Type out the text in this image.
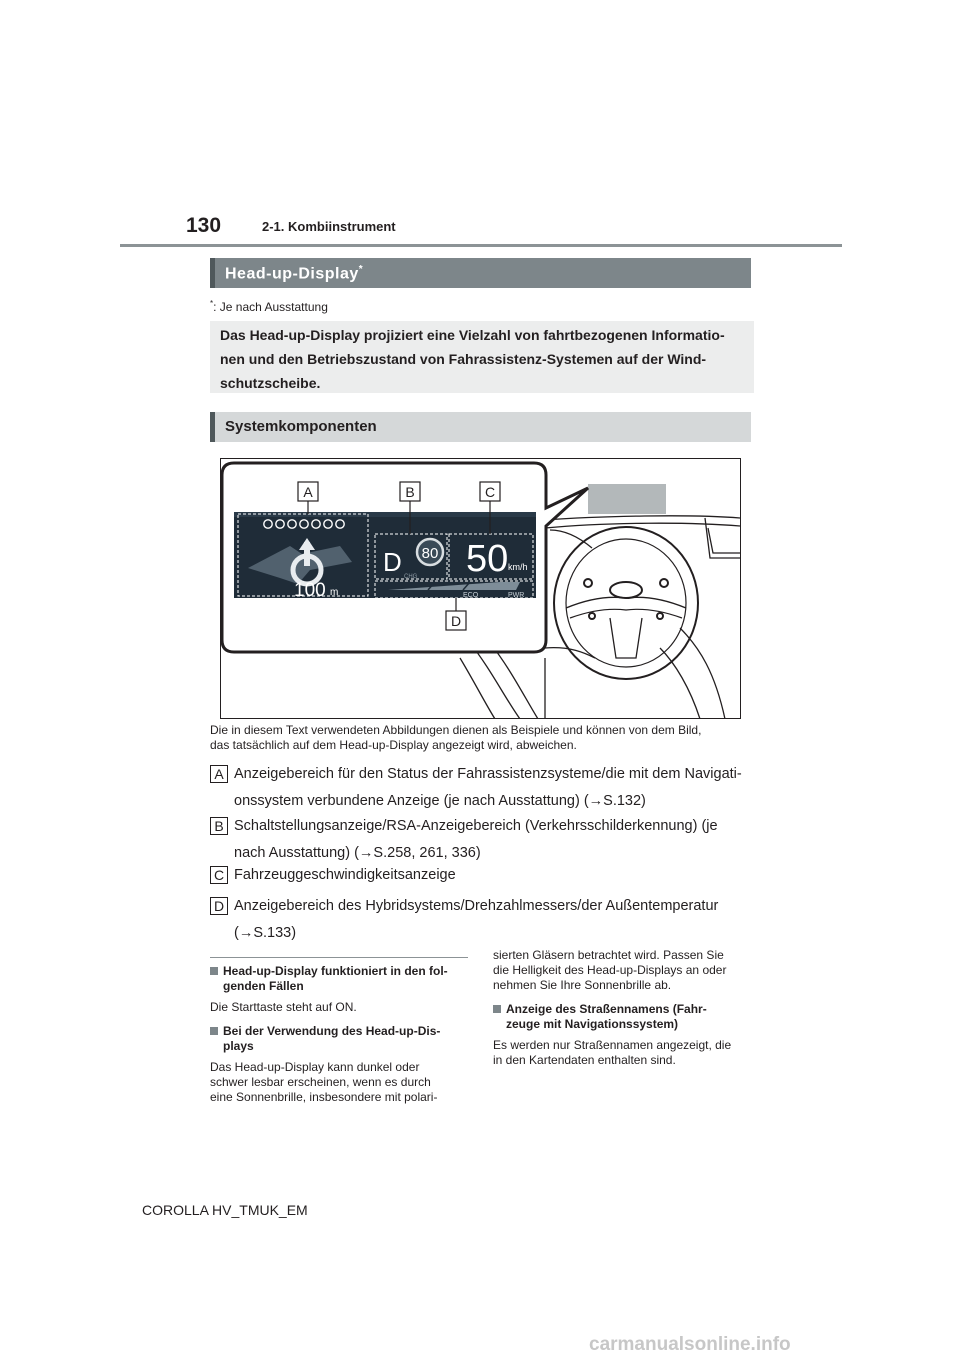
130	2-1. Kombiinstrument
Head-up-Display*
*: Je nach Ausstattung
Das Head-up-Display projiziert eine Vielzahl von fahrtbezogenen Informatio-
nen und den Betriebszustand von Fahrassistenz-Systemen auf der Wind-
schutzscheibe.
Systemkomponenten
100 m
D 80
CHG 50 km/h
ECO	PWR
A	B	C
D
Die in diesem Text verwendeten Abbildungen dienen als Beispiele und können von dem Bild,
das tatsächlich auf dem Head-up-Display angezeigt wird, abweichen.
A Anzeigebereich für den Status der Fahrassistenzsysteme/die mit dem Navigati-
onssystem verbundene Anzeige (je nach Ausstattung) (→S.132)
B Schaltstellungsanzeige/RSA-Anzeigebereich (Verkehrsschilderkennung) (je
nach Ausstattung) (→S.258, 261, 336)
C Fahrzeuggeschwindigkeitsanzeige
D Anzeigebereich des Hybridsystems/Drehzahlmessers/der Außentemperatur
(→S.133)
Head-up-Display funktioniert in den fol-
genden Fällen

Die Starttaste steht auf ON.

Bei der Verwendung des Head-up-Dis-
plays

Das Head-up-Display kann dunkel oder

schwer lesbar erscheinen, wenn es durch

eine Sonnenbrille, insbesondere mit polari-

sierten Gläsern betrachtet wird. Passen Sie

die Helligkeit des Head-up-Displays an oder

nehmen Sie Ihre Sonnenbrille ab.

Anzeige des Straßennamens (Fahr-
zeuge mit Navigationssystem)

Es werden nur Straßennamen angezeigt, die

in den Kartendaten enthalten sind.

COROLLA HV_TMUK_EM
carmanualsonline.info
